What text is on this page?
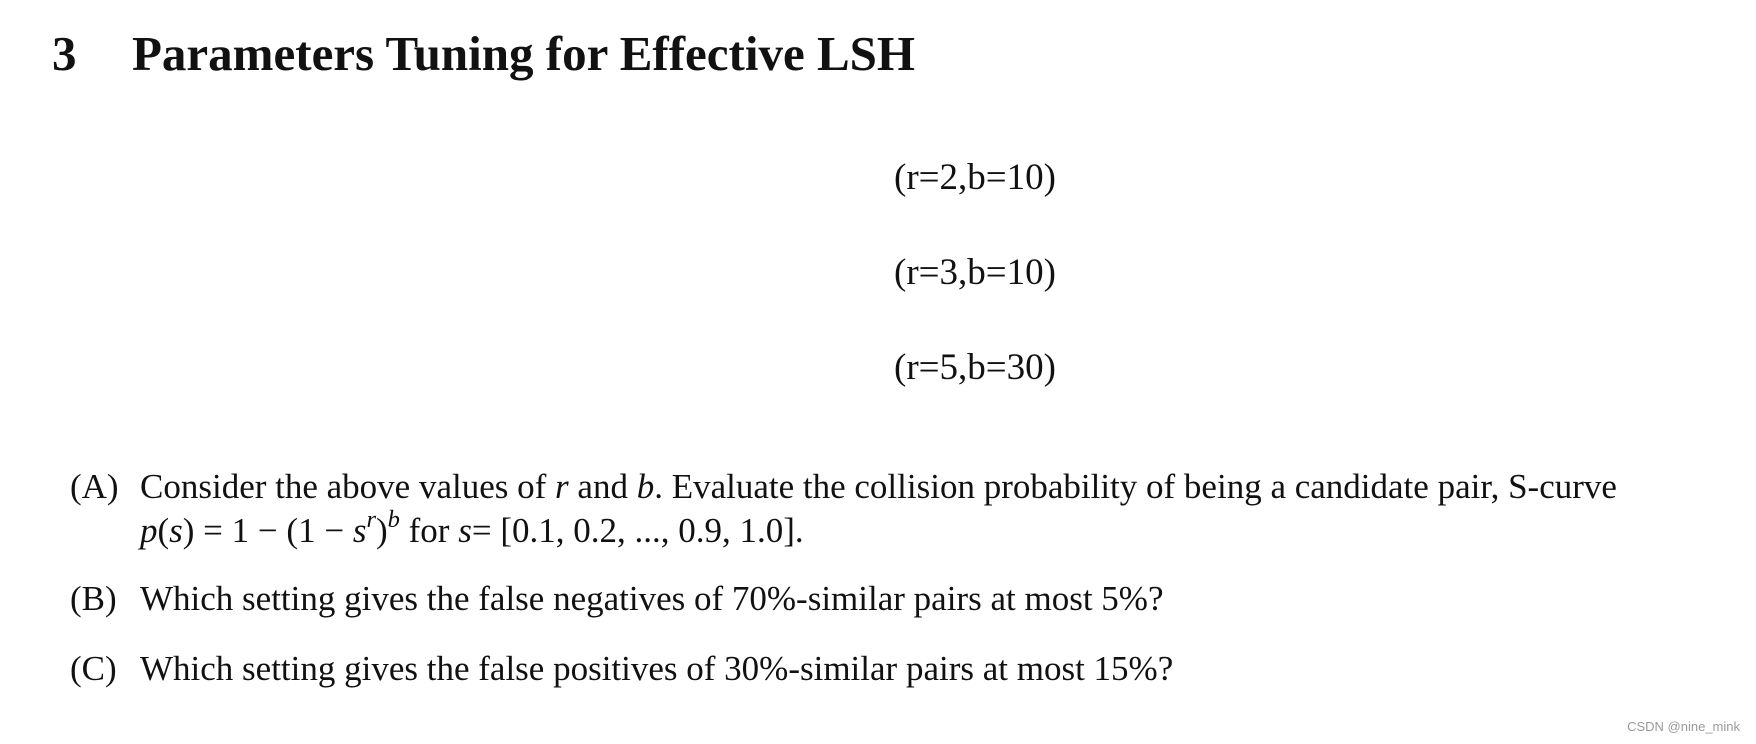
3 Parameters Tuning for Effective LSH
(r=2,b=10)
(r=3,b=10)
(r=5,b=30)
(A) Consider the above values of r and b. Evaluate the collision probability of being a candidate pair, S-curve
$p(s) = 1 - (1 - s^r)^b$ for s= [0.1, 0.2, ..., 0.9, 1.0].
(B) Which setting gives the false negatives of 70%-similar pairs at most 5%?
(C) Which setting gives the false positives of 30%-similar pairs at most 15%?
CSDN @nine_mink
